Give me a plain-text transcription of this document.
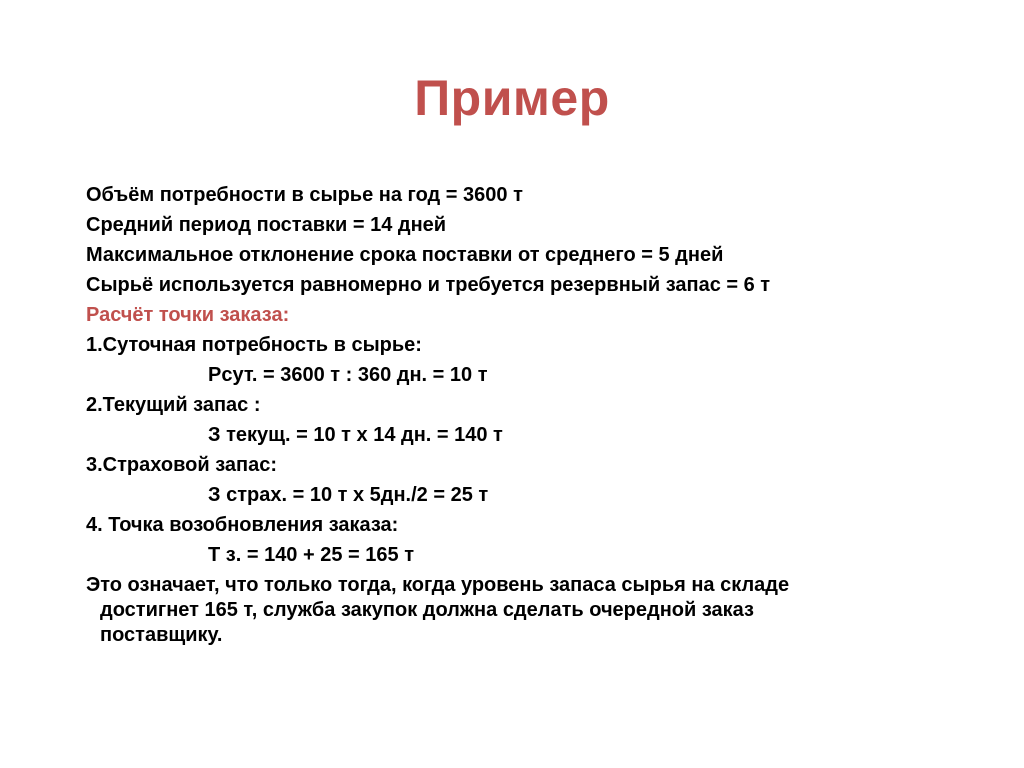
Пример
Объём потребности в сырье на год = 3600 т
Средний период поставки = 14 дней
Максимальное отклонение срока поставки от среднего = 5 дней
Сырьё используется равномерно и требуется резервный запас = 6 т
Расчёт точки заказа:
1.Суточная потребность в сырье:
Рсут. = 3600 т : 360 дн. = 10 т
2.Текущий запас :
З текущ. = 10 т х 14 дн. = 140 т
3.Страховой запас:
З страх. = 10 т х 5дн./2 = 25 т
4. Точка возобновления заказа:
Т з. = 140 + 25 = 165 т
Это означает, что только тогда, когда уровень запаса сырья на складе достигнет 165 т, служба закупок должна сделать очередной заказ поставщику.
